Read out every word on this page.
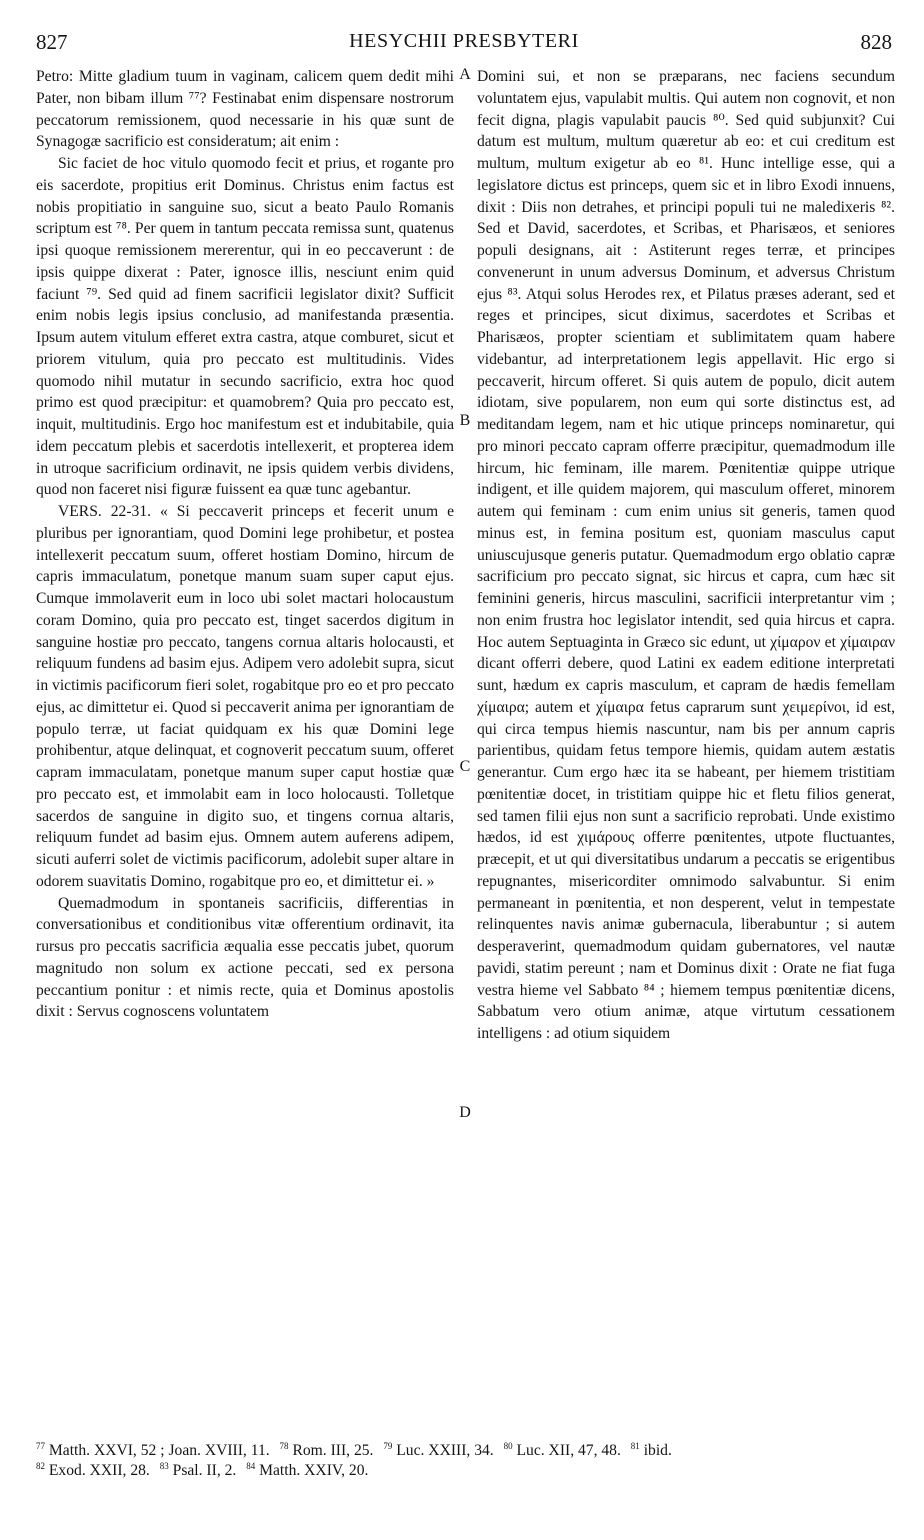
827	HESYCHII PRESBYTERI	828

Petro: Mitte gladium tuum in vaginam, calicem quem dedit mihi Pater, non bibam illum ⁷⁷? Festinabat enim dispensare nostrorum peccatorum remissionem, quod necessarie in his quæ sunt de Synagogæ sacrificio est consideratum; ait enim :

Sic faciet de hoc vitulo quomodo fecit et prius, et rogante pro eis sacerdote, propitius erit Dominus. Christus enim factus est nobis propitiatio in sanguine suo, sicut a beato Paulo Romanis scriptum est ⁷⁸. Per quem in tantum peccata remissa sunt, quatenus ipsi quoque remissionem mererentur, qui in eo peccaverunt : de ipsis quippe dixerat : Pater, ignosce illis, nesciunt enim quid faciunt ⁷⁹. Sed quid ad finem sacrificii legislator dixit? Sufficit enim nobis legis ipsius conclusio, ad manifestanda præsentia. Ipsum autem vitulum efferet extra castra, atque comburet, sicut et priorem vitulum, quia pro peccato est multitudinis. Vides quomodo nihil mutatur in secundo sacrificio, extra hoc quod primo est quod præcipitur: et quamobrem? Quia pro peccato est, inquit, multitudinis. Ergo hoc manifestum est et indubitabile, quia idem peccatum plebis et sacerdotis intellexerit, et propterea idem in utroque sacrificium ordinavit, ne ipsis quidem verbis dividens, quod non faceret nisi figuræ fuissent ea quæ tunc agebantur.

VERS. 22-31. « Si peccaverit princeps et fecerit unum e pluribus per ignorantiam, quod Domini lege prohibetur, et postea intellexerit peccatum suum, offeret hostiam Domino, hircum de capris immaculatum, ponetque manum suam super caput ejus. Cumque immolaverit eum in loco ubi solet mactari holocaustum coram Domino, quia pro peccato est, tinget sacerdos digitum in sanguine hostiæ pro peccato, tangens cornua altaris holocausti, et reliquum fundens ad basim ejus. Adipem vero adolebit supra, sicut in victimis pacificorum fieri solet, rogabitque pro eo et pro peccato ejus, ac dimittetur ei. Quod si peccaverit anima per ignorantiam de populo terræ, ut faciat quidquam ex his quæ Domini lege prohibentur, atque delinquat, et cognoverit peccatum suum, offeret capram immaculatam, ponetque manum super caput hostiæ quæ pro peccato est, et immolabit eam in loco holocausti. Tolletque sacerdos de sanguine in digito suo, et tingens cornua altaris, reliquum fundet ad basim ejus. Omnem autem auferens adipem, sicuti auferri solet de victimis pacificorum, adolebit super altare in odorem suavitatis Domino, rogabitque pro eo, et dimittetur ei. »

Quemadmodum in spontaneis sacrificiis, differentias in conversationibus et conditionibus vitæ offerentium ordinavit, ita rursus pro peccatis sacrificia æqualia esse peccatis jubet, quorum magnitudo non solum ex actione peccati, sed ex persona peccantium ponitur : et nimis recte, quia et Dominus apostolis dixit : Servus cognoscens voluntatem

Domini sui, et non se præparans, nec faciens secundum voluntatem ejus, vapulabit multis. Qui autem non cognovit, et non fecit digna, plagis vapulabit paucis ⁸⁰. Sed quid subjunxit? Cui datum est multum, multum quæretur ab eo: et cui creditum est multum, multum exigetur ab eo ⁸¹. Hunc intellige esse, qui a legislatore dictus est princeps, quem sic et in libro Exodi innuens, dixit : Diis non detrahes, et principi populi tui ne maledixeris ⁸². Sed et David, sacerdotes, et Scribas, et Pharisæos, et seniores populi designans, ait : Astiterunt reges terræ, et principes convenerunt in unum adversus Dominum, et adversus Christum ejus ⁸³. Atqui solus Herodes rex, et Pilatus præses aderant, sed et reges et principes, sicut diximus, sacerdotes et Scribas et Pharisæos, propter scientiam et sublimitatem quam habere videbantur, ad interpretationem legis appellavit. Hic ergo si peccaverit, hircum offeret. Si quis autem de populo, dicit autem idiotam, sive popularem, non eum qui sorte distinctus est, ad meditandam legem, nam et hic utique princeps nominaretur, qui pro minori peccato capram offerre præcipitur, quemadmodum ille hircum, hic feminam, ille marem. Pœnitentiæ quippe utrique indigent, et ille quidem majorem, qui masculum offeret, minorem autem qui feminam : cum enim unius sit generis, tamen quod minus est, in femina positum est, quoniam masculus caput uniuscujusque generis putatur. Quemadmodum ergo oblatio capræ sacrificium pro peccato signat, sic hircus et capra, cum hæc sit feminini generis, hircus masculini, sacrificii interpretantur vim ; non enim frustra hoc legislator intendit, sed quia hircus et capra. Hoc autem Septuaginta in Græco sic edunt, ut χίμαρον et χίμαιραν dicant offerri debere, quod Latini ex eadem editione interpretati sunt, hædum ex capris masculum, et capram de hædis femellam χίμαιρα; autem et χίμαιρα fetus caprarum sunt χειμερίνοι, id est, qui circa tempus hiemis nascuntur, nam bis per annum capris parientibus, quidam fetus tempore hiemis, quidam autem æstatis generantur. Cum ergo hæc ita se habeant, per hiemem tristitiam pœnitentiæ docet, in tristitiam quippe hic et fletu filios generat, sed tamen filii ejus non sunt a sacrificio reprobati. Unde existimo hædos, id est χιμάρους offerre pœnitentes, utpote fluctuantes, præcepit, et ut qui diversitatibus undarum a peccatis se erigentibus repugnantes, misericorditer omnimodo salvabuntur. Si enim permaneant in pœnitentia, et non desperent, velut in tempestate relinquentes navis animæ gubernacula, liberabuntur ; si autem desperaverint, quemadmodum quidam gubernatores, vel nautæ pavidi, statim pereunt ; nam et Dominus dixit : Orate ne fiat fuga vestra hieme vel Sabbato ⁸⁴ ; hiemem tempus pœnitentiæ dicens, Sabbatum vero otium animæ, atque virtutum cessationem intelligens : ad otium siquidem

A
B
C
D
$^{77}$ Matth. XXVI, 52 ; Joan. XVIII, 11. $^{78}$ Rom. III, 25. $^{79}$ Luc. XXIII, 34. $^{80}$ Luc. XII, 47, 48. $^{81}$ ibid.
$^{82}$ Exod. XXII, 28. $^{83}$ Psal. II, 2. $^{84}$ Matth. XXIV, 20.
